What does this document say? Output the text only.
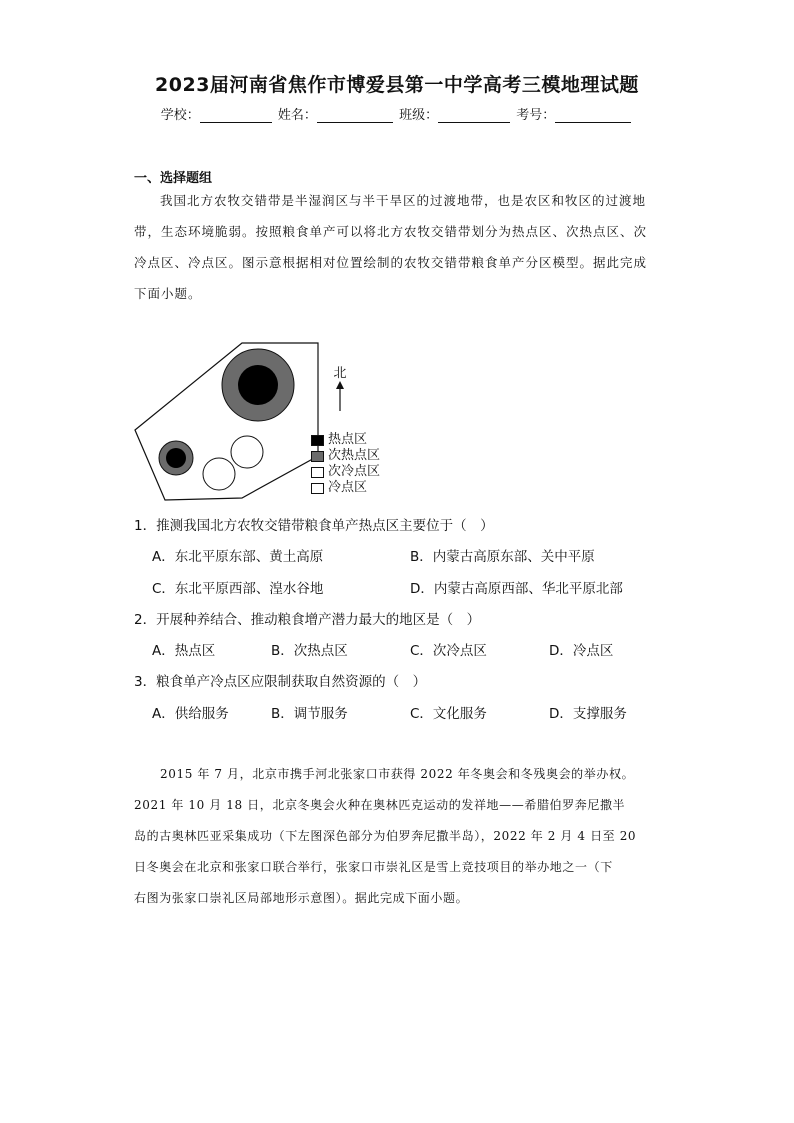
2023届河南省焦作市博爱县第一中学高考三模地理试题
学校：	姓名：	班级：	考号：
一、选择题组
我国北方农牧交错带是半湿润区与半干旱区的过渡地带，也是农区和牧区的过渡地
带，生态环境脆弱。按照粮食单产可以将北方农牧交错带划分为热点区、次热点区、次
冷点区、冷点区。图示意根据相对位置绘制的农牧交错带粮食单产分区模型。据此完成
下面小题。
北
热点区
次热点区
次冷点区
冷点区
1．推测我国北方农牧交错带粮食单产热点区主要位于（　）
A．东北平原东部、黄土高原	B．内蒙古高原东部、关中平原
C．东北平原西部、湟水谷地	D．内蒙古高原西部、华北平原北部
2．开展种养结合、推动粮食增产潜力最大的地区是（　）
A．热点区	B．次热点区	C．次冷点区	D．冷点区
3．粮食单产冷点区应限制获取自然资源的（　）
A．供给服务	B．调节服务	C．文化服务	D．支撑服务
2015 年 7 月，北京市携手河北张家口市获得 2022 年冬奥会和冬残奥会的举办权。
2021 年 10 月 18 日，北京冬奥会火种在奥林匹克运动的发祥地——希腊伯罗奔尼撒半
岛的古奥林匹亚采集成功（下左图深色部分为伯罗奔尼撒半岛），2022 年 2 月 4 日至 20
日冬奥会在北京和张家口联合举行，张家口市崇礼区是雪上竞技项目的举办地之一（下
右图为张家口崇礼区局部地形示意图）。据此完成下面小题。
